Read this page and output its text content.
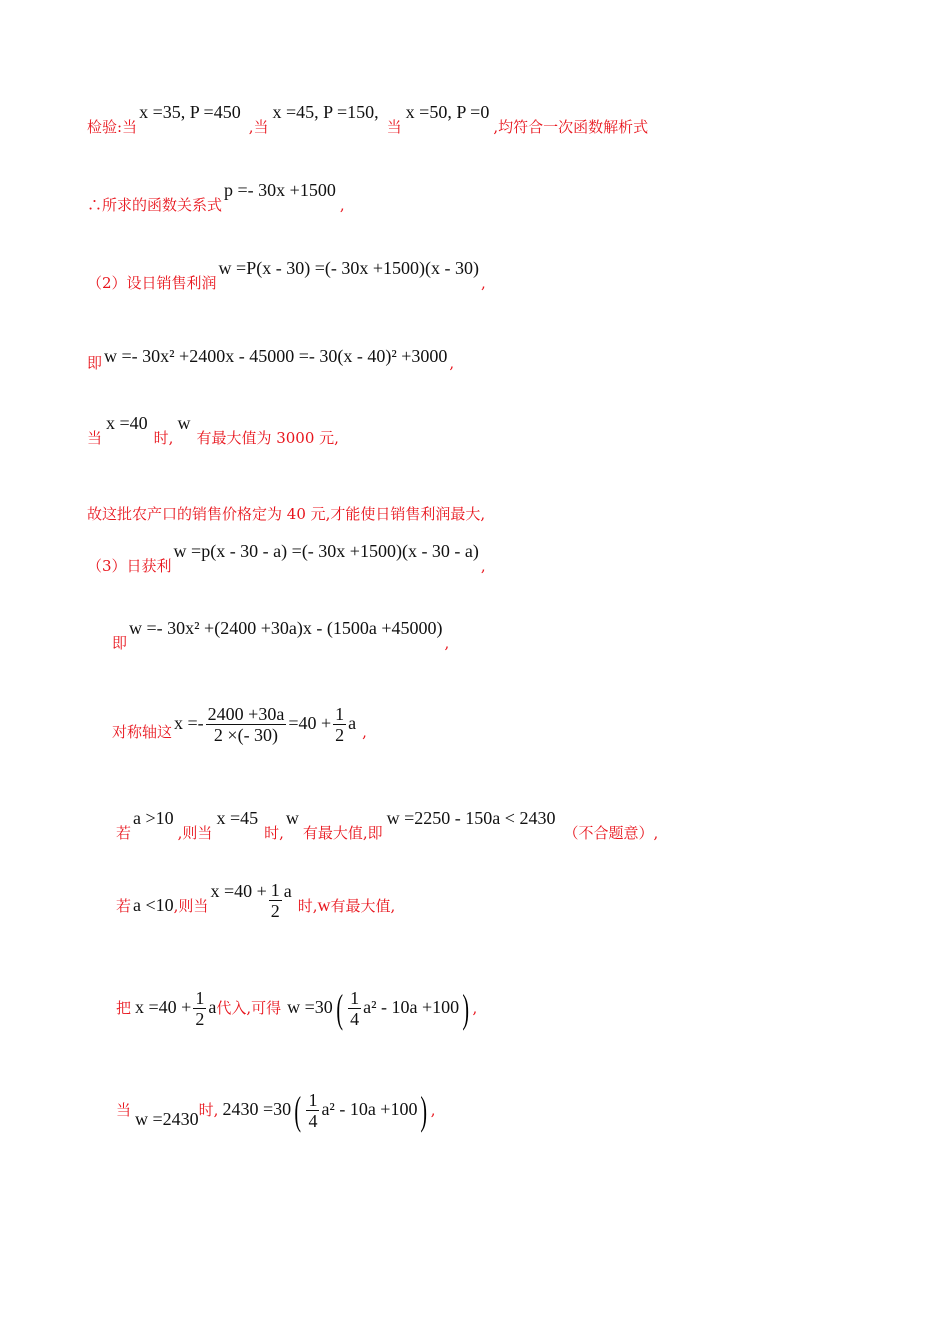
检验:当x =35, P =450,当x =45, P =150,当x =50, P =0,均符合一次函数解析式
∴所求的函数关系式p =- 30x +1500,
（2）设日销售利润w =P(x - 30) =(- 30x +1500)(x - 30),
即 w =- 30x² +2400x - 45000 =- 30(x - 40)² +3000 ,
当x =40时,w有最大值为 3000 元,
故这批农产口的销售价格定为 40 元,才能使日销售利润最大,
（3）日获利w =p(x - 30 - a) =(- 30x +1500)(x - 30 - a),
即w =- 30x² +(2400 +30a)x - (1500a +45000),
对称轴这 $x =- \frac{2400 +30a}{2 \times(- 30)} =40 + \frac{1}{2}$ a ,
若a >10,则当x =45时,w有最大值,即w =2250 - 150a < 2430（不合题意）,
若 a <10,则当$x =40 + \frac{1}{2}$ a时,w有最大值,
把 $x =40 + \frac{1}{2}$ a代入,可得 $w =30( \frac{1}{4} a^2 - 10a +100)$ ,
当 w =2430时, $2430 =30( \frac{1}{4} a^2 - 10a +100)$ ,
